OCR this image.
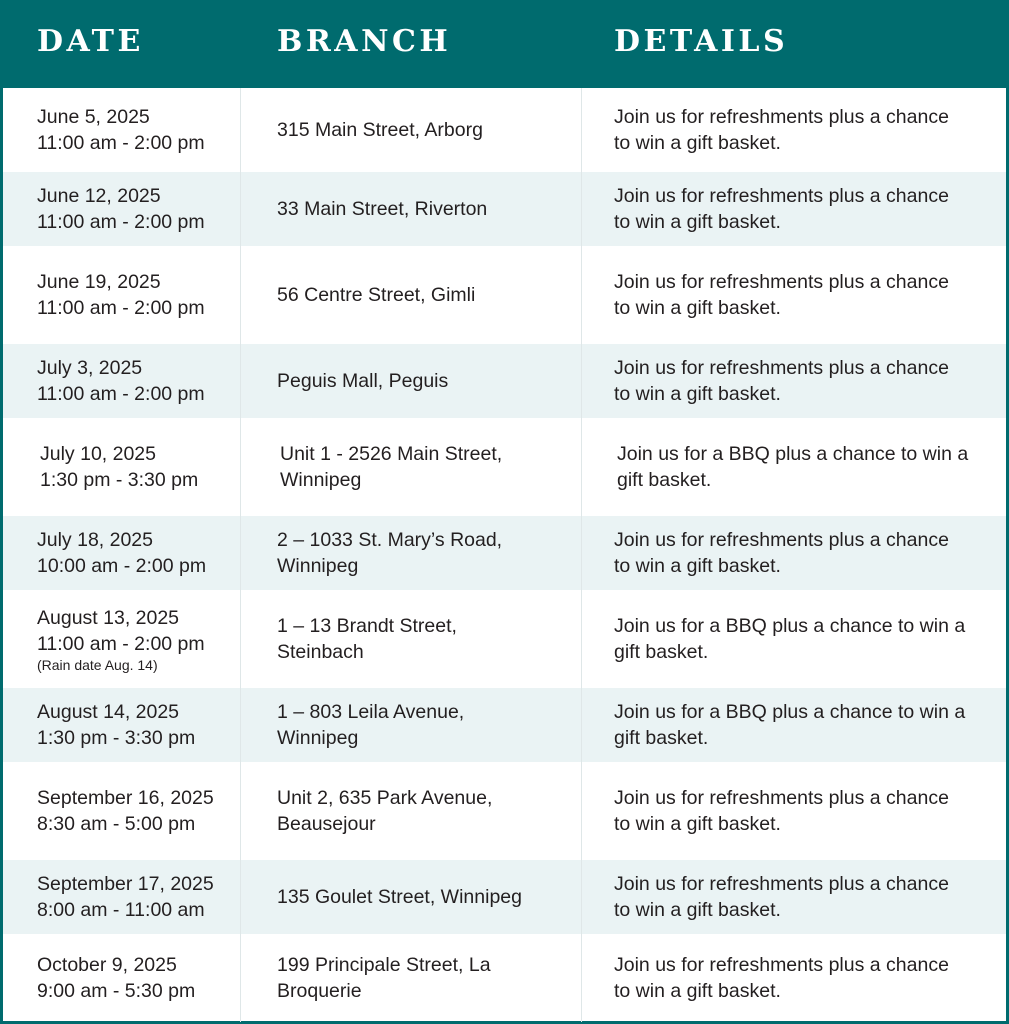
DATE	BRANCH	DETAILS
June 5, 2025
11:00 am - 2:00 pm
315 Main Street, Arborg
Join us for refreshments plus a chance
to win a gift basket.
June 12, 2025
11:00 am - 2:00 pm
33 Main Street, Riverton
Join us for refreshments plus a chance
to win a gift basket.
June 19, 2025
11:00 am - 2:00 pm
56 Centre Street, Gimli
Join us for refreshments plus a chance
to win a gift basket.
July 3, 2025
11:00 am - 2:00 pm
Peguis Mall, Peguis
Join us for refreshments plus a chance
to win a gift basket.
July 10, 2025
1:30 pm - 3:30 pm
Unit 1 - 2526 Main Street,
Winnipeg
Join us for a BBQ plus a chance to win a
gift basket.
July 18, 2025
10:00 am - 2:00 pm
2 – 1033 St. Mary’s Road,
Winnipeg
Join us for refreshments plus a chance
to win a gift basket.
August 13, 2025
11:00 am - 2:00 pm
(Rain date Aug. 14)
1 – 13 Brandt Street,
Steinbach
Join us for a BBQ plus a chance to win a
gift basket.
August 14, 2025
1:30 pm - 3:30 pm
1 – 803 Leila Avenue,
Winnipeg
Join us for a BBQ plus a chance to win a
gift basket.
September 16, 2025
8:30 am - 5:00 pm
Unit 2, 635 Park Avenue,
Beausejour
Join us for refreshments plus a chance
to win a gift basket.
September 17, 2025
8:00 am - 11:00 am
135 Goulet Street, Winnipeg
Join us for refreshments plus a chance
to win a gift basket.
October 9, 2025
9:00 am - 5:30 pm
199 Principale Street, La
Broquerie
Join us for refreshments plus a chance
to win a gift basket.
